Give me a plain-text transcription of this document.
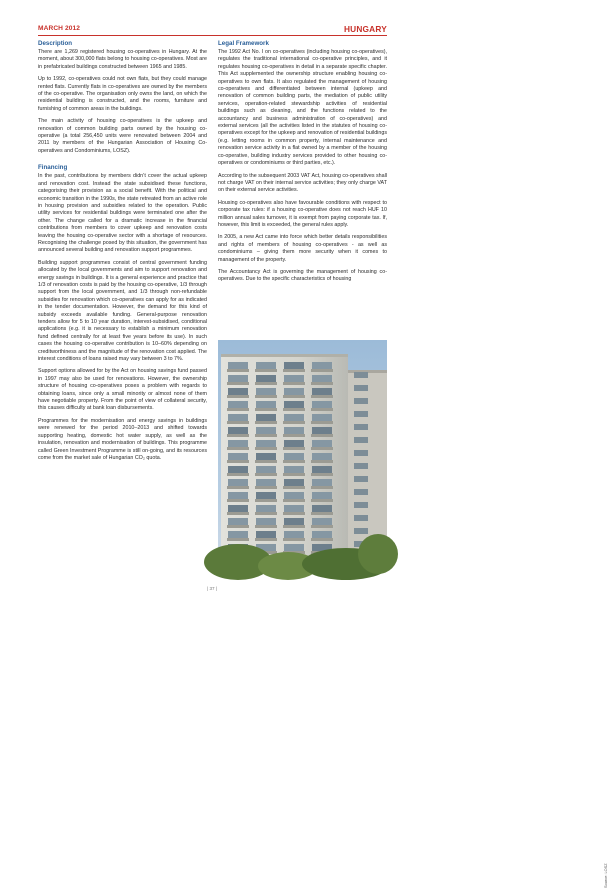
MARCH 2012	HUNGARY
Description

There are 1,269 registered housing co-operatives in Hungary. At the moment, about 300,000 flats belong to housing co-operatives. Most are in prefabricated buildings constructed between 1965 and 1985.

Up to 1992, co-operatives could not own flats, but they could manage rented flats. Currently flats in co-operatives are owned by the members of the co-operative. The organisation only owns the land, on which the residential building is constructed, and the rooms, furniture and furnishing of common areas in the buildings.

The main activity of housing co-operatives is the upkeep and renovation of common building parts owned by the housing co-operative (a total 256,450 units were renovated between 2004 and 2011 by members of the Hungarian Association of Housing Co-operatives and Condominiums, LOSZ).

Financing

In the past, contributions by members didn’t cover the actual upkeep and renovation cost. Instead the state subsidised these functions, categorising their provision as a social benefit. With the political and economic transition in the 1990s, the state retreated from an active role in housing provision and subsidies related to the operation. Public utility services for residential buildings were terminated one after the other. The change called for a dramatic increase in the financial contributions from members to cover upkeep and renovation costs leaving the housing co-operative sector with a shortage of resources. Recognising the challenge posed by this situation, the government has announced several building and renovation support programmes.

Building support programmes consist of central government funding allocated by the local governments and aim to support renovation and energy savings in buildings. It is a general experience and practice that 1/3 of renovation costs is paid by the housing co-operative, 1/3 through support from the local government, and 1/3 through non-refundable subsidies for renovation which co-operatives can apply for as indicated in the tender documentation. However, the demand for this kind of subsidy exceeds available funding. General-purpose renovation tenders allow for 5 to 10 year duration, interest-subsidised, conditional applications (e.g. it is necessary to establish a minimum renovation fund defined centrally for at least five years before its use). In such cases the housing co-operative contribution is 10–60% depending on creditworthiness and the magnitude of the renovation cost applied. The interest conditions of loans raised may vary between 3 to 7%.

Support options allowed for by the Act on housing savings fund passed in 1997 may also be used for renovations. However, the ownership structure of housing co-operatives poses a problem with regards to obtaining loans, since only a small minority or almost none of them have negotiable property. From the point of view of collateral security, this causes difficulty at bank loan disbursements.

Programmes for the modernisation and energy savings in buildings were renewed for the period 2010–2013 and shifted towards supporting heating, domestic hot water supply, as well as the insulation, renovation and modernisation of buildings. This programme called Green Investment Programme is still on-going, and its resources come from the market sale of Hungarian CO₂ quota.

Legal Framework

The 1992 Act No. I on co-operatives (including housing co-operatives), regulates the traditional international co-operative principles, and it regulates housing co-operatives in detail in a separate specific chapter. This Act supplemented the ownership structure enabling housing co-operatives to own flats. It also regulated the management of housing co-operatives and differentiated between internal (upkeep and renovation of common building parts, the mediation of public utility services, operation-related stewardship activities of residential buildings such as cleaning, and the functions related to the accountancy and business administration of co-operatives) and external services (all the activities listed in the statutes of housing co-operatives except for the upkeep and renovation of residential buildings (e.g. letting rooms in common property, internal maintenance and renovation service activity in a flat owned by a member of the housing co-operative, building industry services provided to other housing co-operatives or condominiums or third parties, etc.).

According to the subsequent 2003 VAT Act, housing co-operatives shall not charge VAT on their internal service activities; they only charge VAT on their external service activities.

Housing co-operatives also have favourable conditions with respect to corporate tax rules: if a housing co-operative does not reach HUF 10 million annual sales turnover, it is exempt from paying corporate tax. If, however, this limit is exceeded, the general rules apply.

In 2005, a new Act came into force which better details responsibilities and rights of members of housing co-operatives - as well as condominiums – giving them more security when it comes to management of the property.

The Accountancy Act is governing the management of housing co-operatives. Due to the specific characteristics of housing

Source: LOSZ
| 37 |
